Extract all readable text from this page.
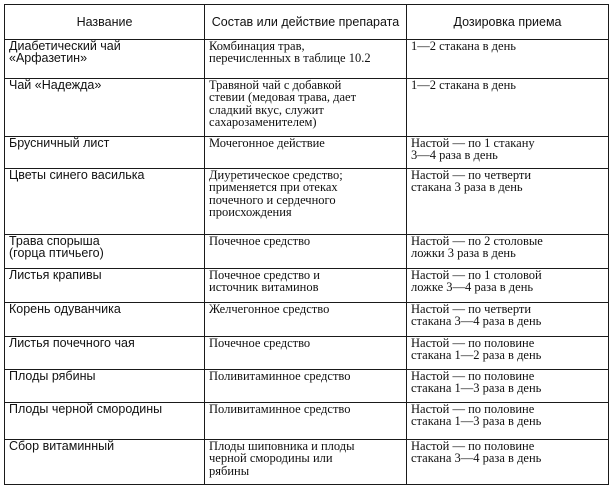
Название	Состав или действие препарата	Дозировка приема
Диабетический чай
«Арфазетин»	Комбинация трав,
перечисленных в таблице 10.2	1—2 стакана в день
Чай «Надежда»	Травяной чай с добавкой
стевии (медовая трава, дает
сладкий вкус, служит
сахарозаменителем)	1—2 стакана в день
Брусничный лист	Мочегонное действие	Настой — по 1 стакану
3—4 раза в день
Цветы синего василька	Диуретическое средство;
применяется при отеках
почечного и сердечного
происхождения	Настой — по четверти
стакана 3 раза в день
Трава спорыша
(горца птичьего)	Почечное средство	Настой — по 2 столовые
ложки 3 раза в день
Листья крапивы	Почечное средство и
источник витаминов	Настой — по 1 столовой
ложке 3—4 раза в день
Корень одуванчика	Желчегонное средство	Настой — по четверти
стакана 3—4 раза в день
Листья почечного чая	Почечное средство	Настой — по половине
стакана 1—2 раза в день
Плоды рябины	Поливитаминное средство	Настой — по половине
стакана 1—3 раза в день
Плоды черной смородины	Поливитаминное средство	Настой — по половине
стакана 1—3 раза в день
Сбор витаминный	Плоды шиповника и плоды
черной смородины или
рябины	Настой — по половине
стакана 3—4 раза в день
